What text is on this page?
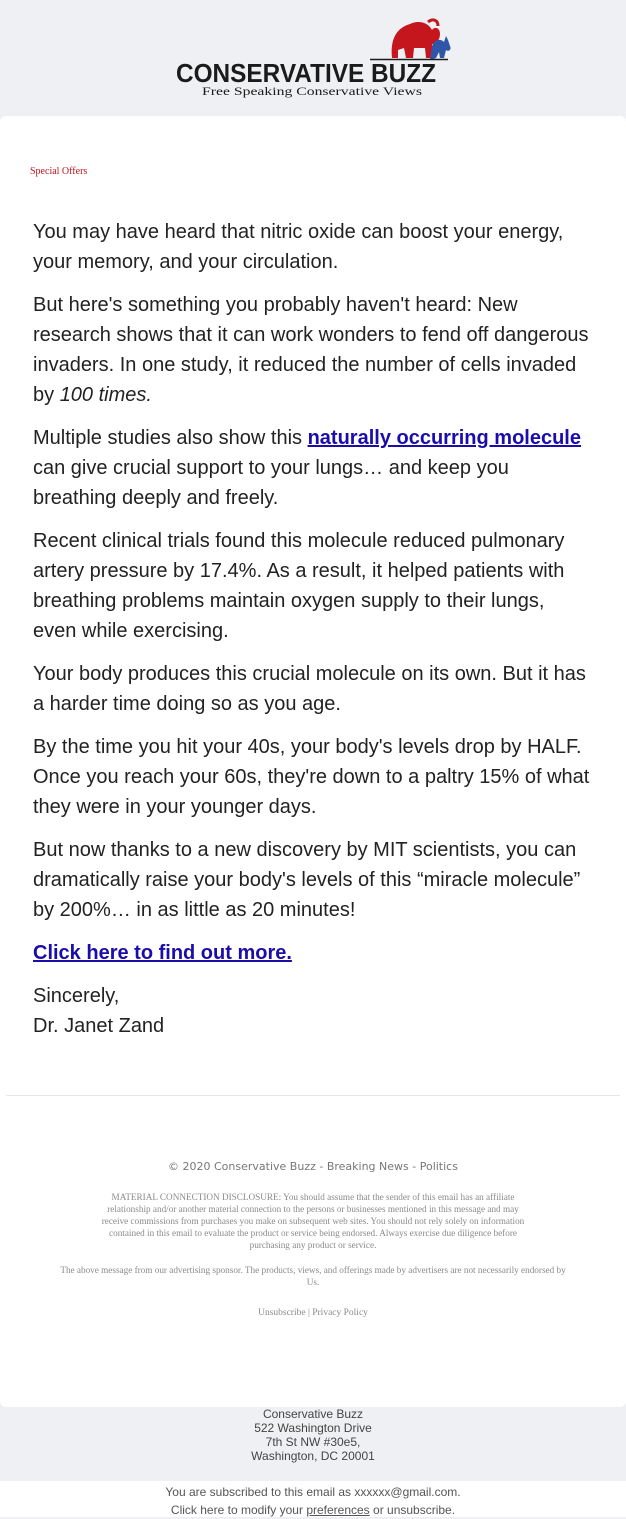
CONSERVATIVE BUZZ
Free Speaking Conservative Views
Special Offers

You may have heard that nitric oxide can boost your energy, your memory, and your circulation.

But here's something you probably haven't heard: New research shows that it can work wonders to fend off dangerous invaders. In one study, it reduced the number of cells invaded by 100 times.

Multiple studies also show this naturally occurring molecule can give crucial support to your lungs… and keep you breathing deeply and freely.

Recent clinical trials found this molecule reduced pulmonary artery pressure by 17.4%. As a result, it helped patients with breathing problems maintain oxygen supply to their lungs, even while exercising.

Your body produces this crucial molecule on its own. But it has a harder time doing so as you age.

By the time you hit your 40s, your body's levels drop by HALF. Once you reach your 60s, they're down to a paltry 15% of what they were in your younger days.

But now thanks to a new discovery by MIT scientists, you can dramatically raise your body's levels of this “miracle molecule” by 200%… in as little as 20 minutes!

Click here to find out more.

Sincerely,
Dr. Janet Zand

© 2020 Conservative Buzz - Breaking News - Politics
MATERIAL CONNECTION DISCLOSURE: You should assume that the sender of this email has an affiliate relationship and/or another material connection to the persons or businesses mentioned in this message and may receive commissions from purchases you make on subsequent web sites. You should not rely solely on information contained in this email to evaluate the product or service being endorsed. Always exercise due diligence before purchasing any product or service.
The above message from our advertising sponsor. The products, views, and offerings made by advertisers are not necessarily endorsed by Us.
Unsubscribe | Privacy Policy
Conservative Buzz
522 Washington Drive
7th St NW #30e5,
Washington, DC 20001
You are subscribed to this email as xxxxxx@gmail.com.
Click here to modify your preferences or unsubscribe.
